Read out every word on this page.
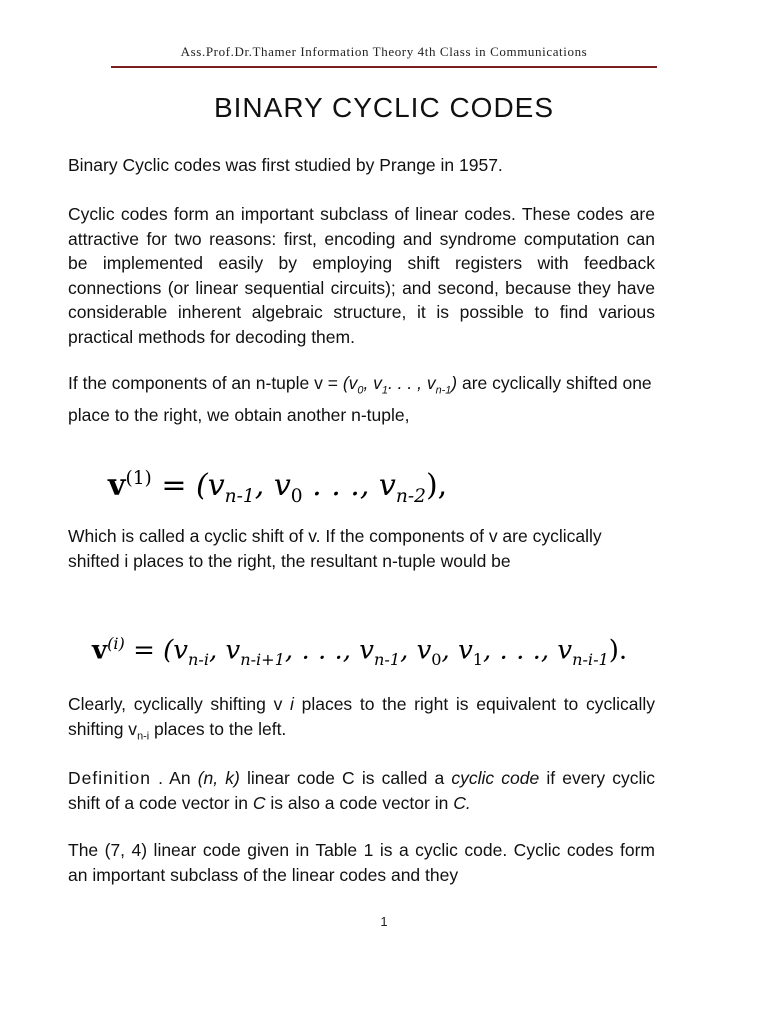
Ass.Prof.Dr.Thamer Information Theory 4th Class in Communications
BINARY CYCLIC CODES

Binary Cyclic codes was first studied by Prange in 1957.

Cyclic codes form an important subclass of linear codes. These codes are attractive for two reasons: first, encoding and syndrome computation can be implemented easily by employing shift registers with feedback connections (or linear sequential circuits); and second, because they have considerable inherent algebraic structure, it is possible to find various practical methods for decoding them.

If the components of an n-tuple $v = (v_0$, $v_1$. . . , $v_{n-1}$) are cyclically shifted one place to the right, we obtain another n-tuple,

$v^{(1)} = (v_{n-1}$, $v_0$ . . ., $v_{n-2}$),

Which is called a cyclic shift of v. If the components of v are cyclically shifted i places to the right, the resultant n-tuple would be

$v^{(i)} = (v_{n-i}$, $v_{n-i+1}$, . . ., $v_{n-1}$, $v_0$, $v_1$, . . ., $v_{n-i-1}$).

Clearly, cyclically shifting v i places to the right is equivalent to cyclically shifting $v_{n-i}$ places to the left.

Definition . An (n, k) linear code C is called a cyclic code if every cyclic shift of a code vector in C is also a code vector in C.

The (7, 4) linear code given in Table 1 is a cyclic code. Cyclic codes form an important subclass of the linear codes and they

1
